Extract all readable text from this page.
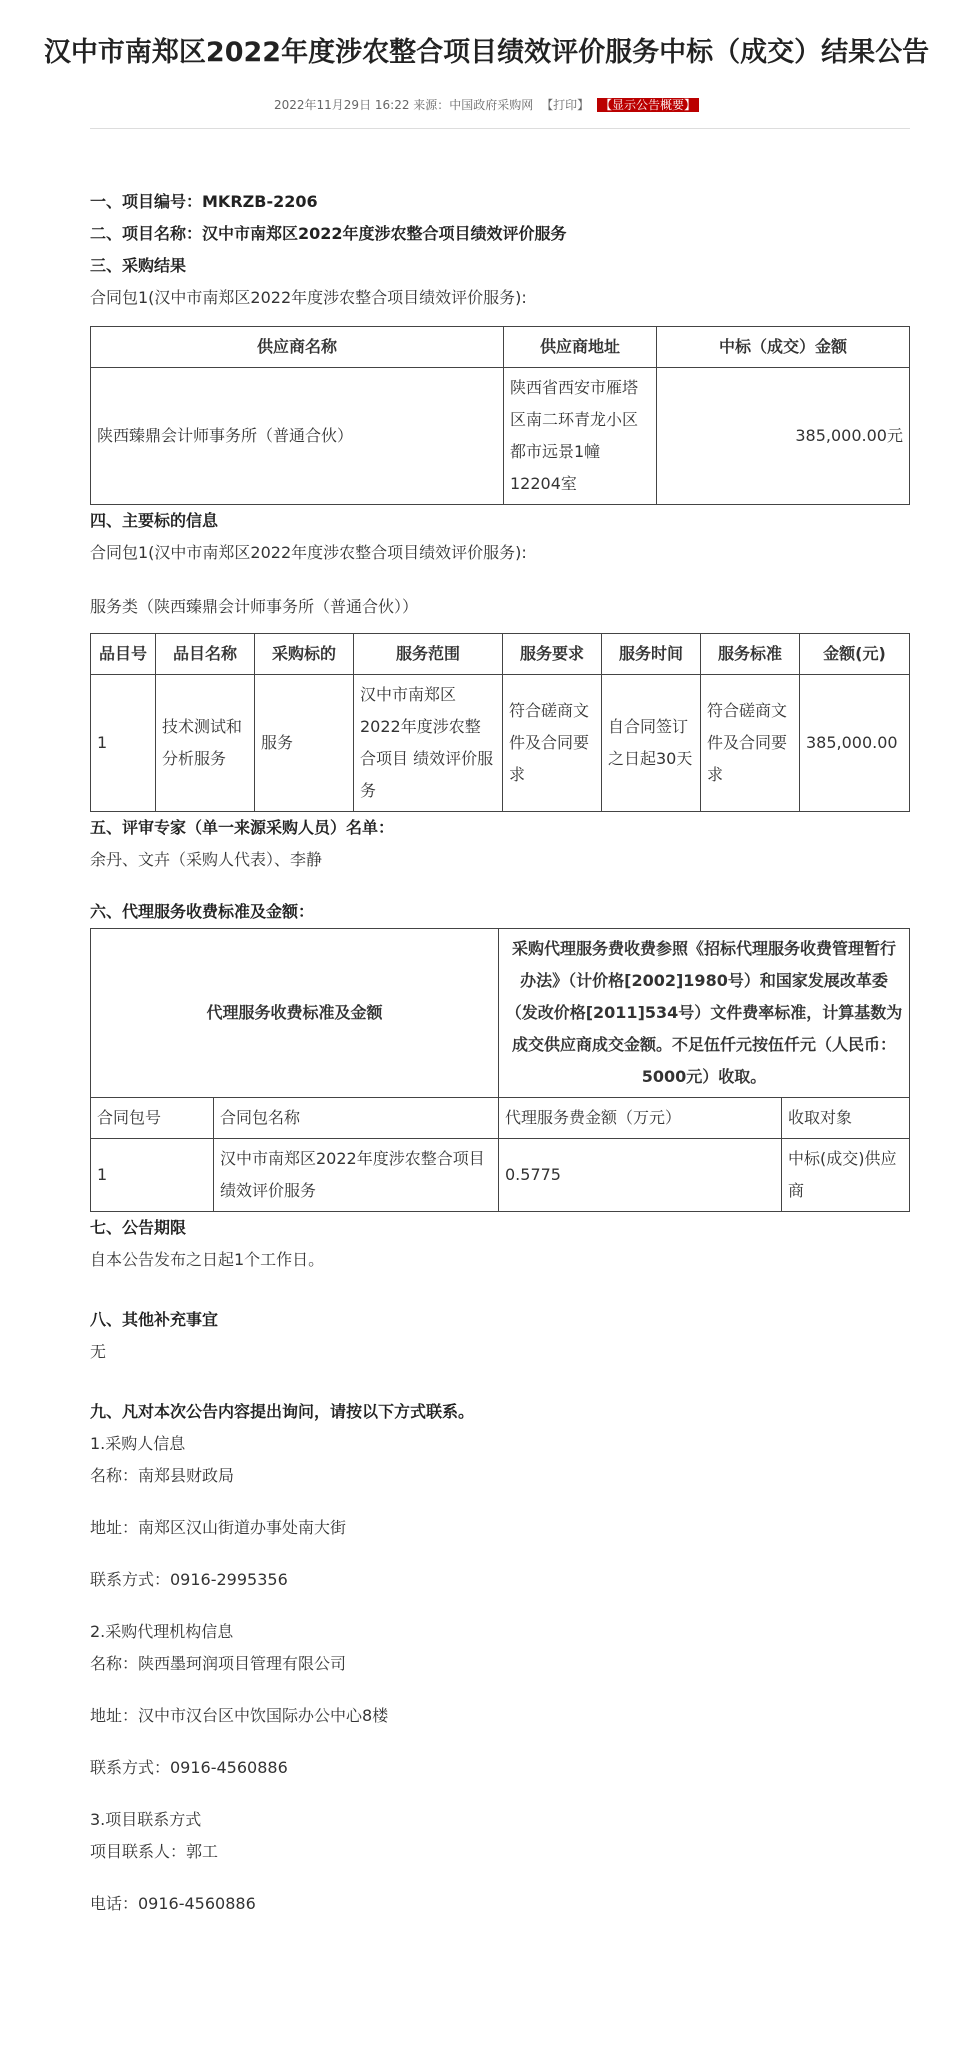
汉中市南郑区2022年度涉农整合项目绩效评价服务中标（成交）结果公告
2022年11月29日 16:22 来源：中国政府采购网 【打印】 【显示公告概要】
一、项目编号：MKRZB-2206
二、项目名称：汉中市南郑区2022年度涉农整合项目绩效评价服务
三、采购结果
合同包1(汉中市南郑区2022年度涉农整合项目绩效评价服务):
供应商名称	供应商地址	中标（成交）金额
陕西臻鼎会计师事务所（普通合伙）	陕西省西安市雁塔区南二环青龙小区都市远景1幢12204室	385,000.00元
四、主要标的信息
合同包1(汉中市南郑区2022年度涉农整合项目绩效评价服务):
服务类（陕西臻鼎会计师事务所（普通合伙））
品目号	品目名称	采购标的	服务范围	服务要求	服务时间	服务标准	金额(元)
1	技术测试和分析服务	服务	汉中市南郑区2022年度涉农整合项目 绩效评价服务	符合磋商文件及合同要求	自合同签订之日起30天	符合磋商文件及合同要求	385,000.00
五、评审专家（单一来源采购人员）名单：
余丹、文卉（采购人代表）、李静
六、代理服务收费标准及金额：
代理服务收费标准及金额		采购代理服务费收费参照《招标代理服务收费管理暂行办法》（计价格[2002]1980号）和国家发展改革委（发改价格[2011]534号）文件费率标准，计算基数为成交供应商成交金额。不足伍仟元按伍仟元（人民币：5000元）收取。	
合同包号	合同包名称	代理服务费金额（万元）	收取对象
1	汉中市南郑区2022年度涉农整合项目绩效评价服务	0.5775	中标(成交)供应商
七、公告期限
自本公告发布之日起1个工作日。
八、其他补充事宜
无
九、凡对本次公告内容提出询问，请按以下方式联系。
1.采购人信息
名称：南郑县财政局
地址：南郑区汉山街道办事处南大街
联系方式：0916-2995356
2.采购代理机构信息
名称：陕西墨珂润项目管理有限公司
地址：汉中市汉台区中饮国际办公中心8楼
联系方式：0916-4560886
3.项目联系方式
项目联系人：郭工
电话：0916-4560886
